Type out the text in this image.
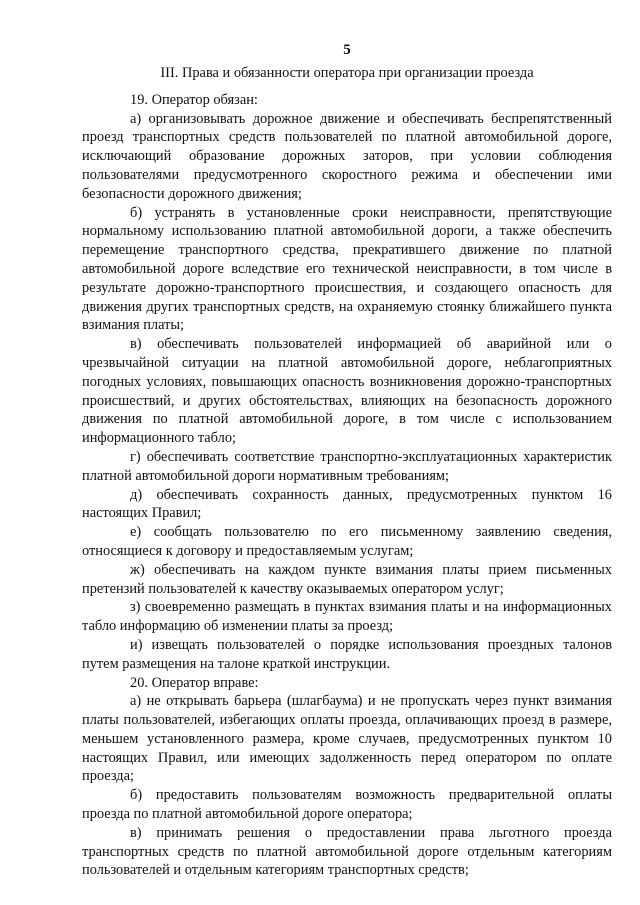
5
III. Права и обязанности оператора при организации проезда

19. Оператор обязан:

а) организовывать дорожное движение и обеспечивать беспрепятственный проезд транспортных средств пользователей по платной автомобильной дороге, исключающий образование дорожных заторов, при условии соблюдения пользователями предусмотренного скоростного режима и обеспечении ими безопасности дорожного движения;

б) устранять в установленные сроки неисправности, препятствующие нормальному использованию платной автомобильной дороги, а также обеспечить перемещение транспортного средства, прекратившего движение по платной автомобильной дороге вследствие его технической неисправности, в том числе в результате дорожно-транспортного происшествия, и создающего опасность для движения других транспортных средств, на охраняемую стоянку ближайшего пункта взимания платы;

в) обеспечивать пользователей информацией об аварийной или о чрезвычайной ситуации на платной автомобильной дороге, неблагоприятных погодных условиях, повышающих опасность возникновения дорожно-транспортных происшествий, и других обстоятельствах, влияющих на безопасность дорожного движения по платной автомобильной дороге, в том числе с использованием информационного табло;

г) обеспечивать соответствие транспортно-эксплуатационных характеристик платной автомобильной дороги нормативным требованиям;

д) обеспечивать сохранность данных, предусмотренных пунктом 16 настоящих Правил;

е) сообщать пользователю по его письменному заявлению сведения, относящиеся к договору и предоставляемым услугам;

ж) обеспечивать на каждом пункте взимания платы прием письменных претензий пользователей к качеству оказываемых оператором услуг;

з) своевременно размещать в пунктах взимания платы и на информационных табло информацию об изменении платы за проезд;

и) извещать пользователей о порядке использования проездных талонов путем размещения на талоне краткой инструкции.

20. Оператор вправе:

а) не открывать барьера (шлагбаума) и не пропускать через пункт взимания платы пользователей, избегающих оплаты проезда, оплачивающих проезд в размере, меньшем установленного размера, кроме случаев, предусмотренных пунктом 10 настоящих Правил, или имеющих задолженность перед оператором по оплате проезда;

б) предоставить пользователям возможность предварительной оплаты проезда по платной автомобильной дороге оператора;

в) принимать решения о предоставлении права льготного проезда транспортных средств по платной автомобильной дороге отдельным категориям пользователей и отдельным категориям транспортных средств;
